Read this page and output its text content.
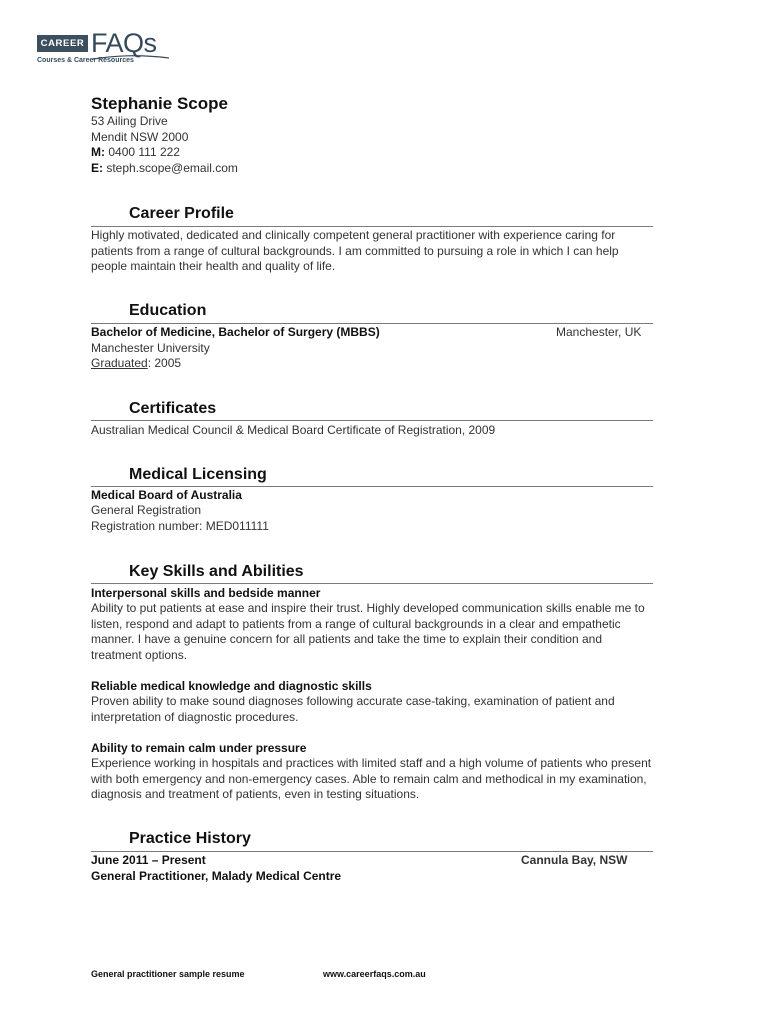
CAREER FAQs
Courses & Career Resources
Stephanie Scope
53 Ailing Drive
Mendit NSW 2000
M: 0400 111 222
E: steph.scope@email.com
Career Profile
Highly motivated, dedicated and clinically competent general practitioner with experience caring for patients from a range of cultural backgrounds. I am committed to pursuing a role in which I can help people maintain their health and quality of life.
Education
Bachelor of Medicine, Bachelor of Surgery (MBBS)	Manchester, UK
Manchester University
Graduated: 2005
Certificates
Australian Medical Council & Medical Board Certificate of Registration, 2009
Medical Licensing
Medical Board of Australia
General Registration
Registration number: MED011111
Key Skills and Abilities
Interpersonal skills and bedside manner
Ability to put patients at ease and inspire their trust. Highly developed communication skills enable me to listen, respond and adapt to patients from a range of cultural backgrounds in a clear and empathetic manner. I have a genuine concern for all patients and take the time to explain their condition and treatment options.
Reliable medical knowledge and diagnostic skills
Proven ability to make sound diagnoses following accurate case-taking, examination of patient and interpretation of diagnostic procedures.
Ability to remain calm under pressure
Experience working in hospitals and practices with limited staff and a high volume of patients who present with both emergency and non-emergency cases. Able to remain calm and methodical in my examination, diagnosis and treatment of patients, even in testing situations.
Practice History
June 2011 – Present	Cannula Bay, NSW
General Practitioner, Malady Medical Centre
General practitioner sample resume	www.careerfaqs.com.au
